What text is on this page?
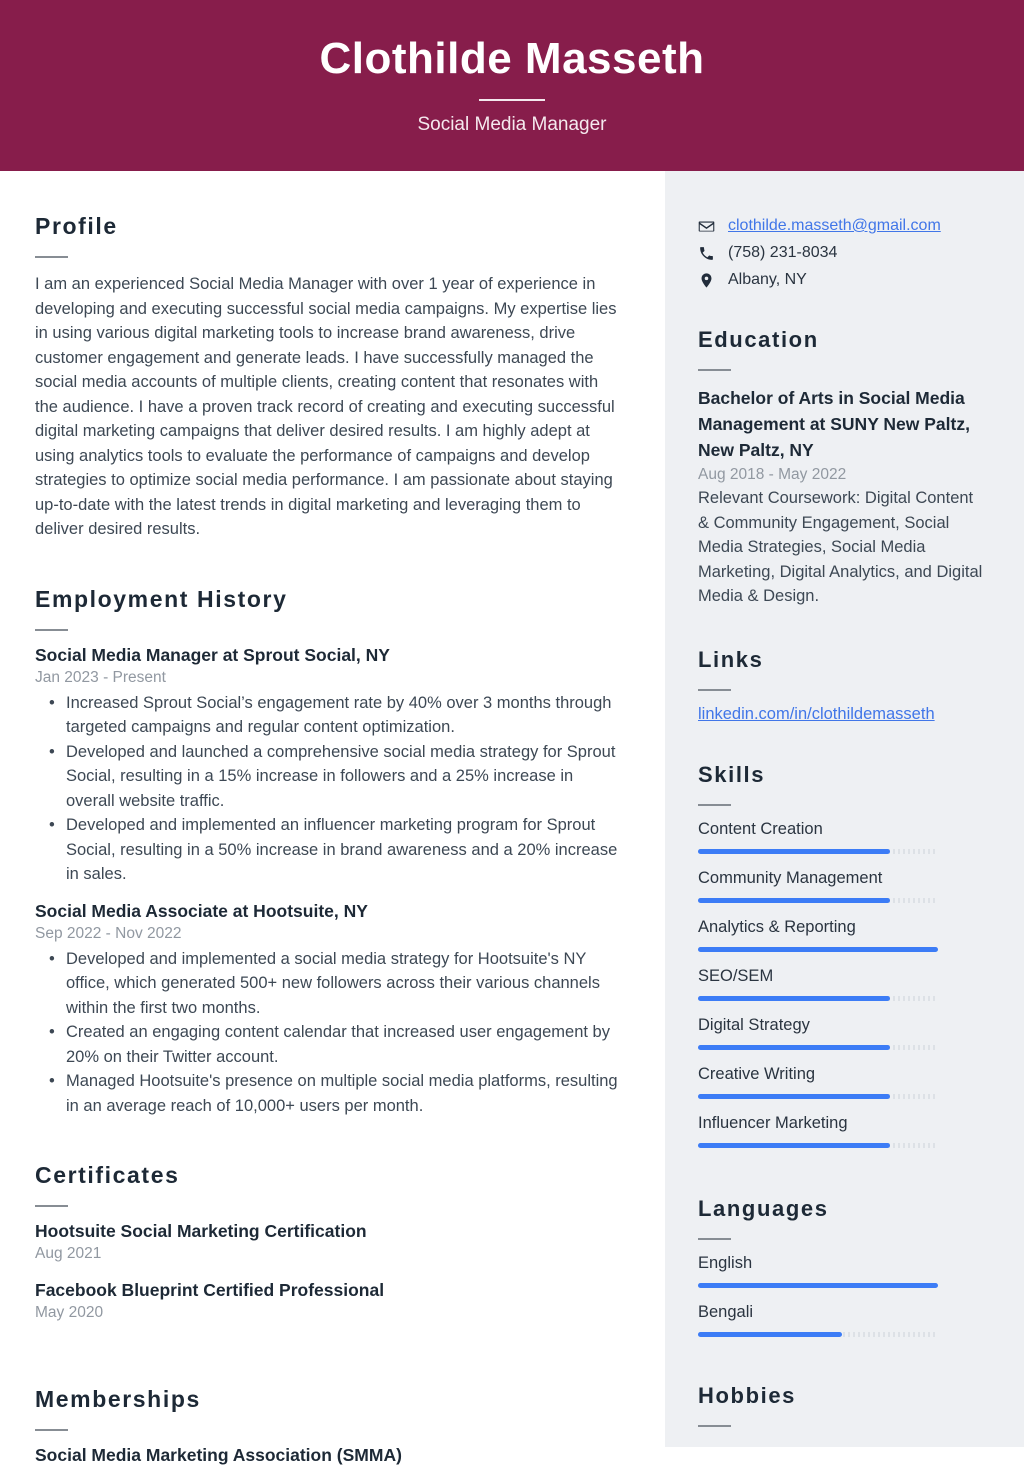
Clothilde Masseth
Social Media Manager
Profile
I am an experienced Social Media Manager with over 1 year of experience in developing and executing successful social media campaigns. My expertise lies in using various digital marketing tools to increase brand awareness, drive customer engagement and generate leads. I have successfully managed the social media accounts of multiple clients, creating content that resonates with the audience. I have a proven track record of creating and executing successful digital marketing campaigns that deliver desired results. I am highly adept at using analytics tools to evaluate the performance of campaigns and develop strategies to optimize social media performance. I am passionate about staying up-to-date with the latest trends in digital marketing and leveraging them to deliver desired results.
Employment History
Social Media Manager at Sprout Social, NY
Jan 2023 - Present
• Increased Sprout Social’s engagement rate by 40% over 3 months through targeted campaigns and regular content optimization.
• Developed and launched a comprehensive social media strategy for Sprout Social, resulting in a 15% increase in followers and a 25% increase in overall website traffic.
• Developed and implemented an influencer marketing program for Sprout Social, resulting in a 50% increase in brand awareness and a 20% increase in sales.
Social Media Associate at Hootsuite, NY
Sep 2022 - Nov 2022
• Developed and implemented a social media strategy for Hootsuite's NY office, which generated 500+ new followers across their various channels within the first two months.
• Created an engaging content calendar that increased user engagement by 20% on their Twitter account.
• Managed Hootsuite's presence on multiple social media platforms, resulting in an average reach of 10,000+ users per month.
Certificates
Hootsuite Social Marketing Certification
Aug 2021
Facebook Blueprint Certified Professional
May 2020
Memberships
Social Media Marketing Association (SMMA)
clothilde.masseth@gmail.com
(758) 231-8034
Albany, NY
Education
Bachelor of Arts in Social Media Management at SUNY New Paltz, New Paltz, NY
Aug 2018 - May 2022
Relevant Coursework: Digital Content & Community Engagement, Social Media Strategies, Social Media Marketing, Digital Analytics, and Digital Media & Design.
Links
linkedin.com/in/clothildemasseth
Skills
Content Creation
Community Management
Analytics & Reporting
SEO/SEM
Digital Strategy
Creative Writing
Influencer Marketing
Languages
English
Bengali
Hobbies
